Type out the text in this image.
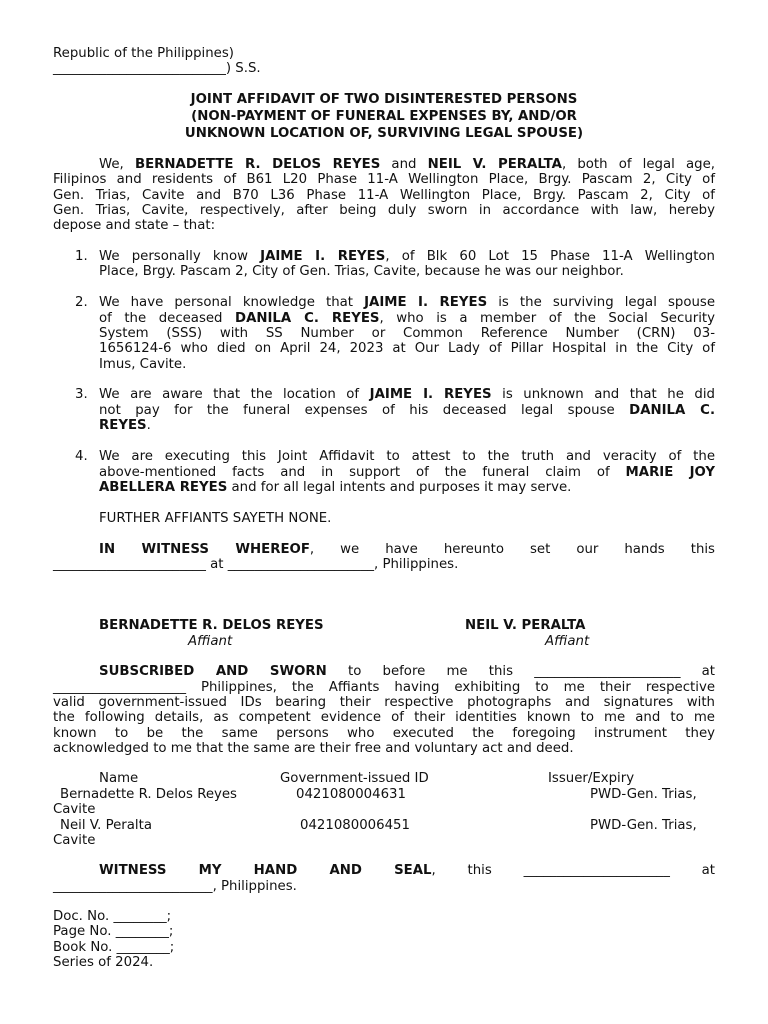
Republic of the Philippines)
__________________________) S.S.
JOINT AFFIDAVIT OF TWO DISINTERESTED PERSONS
(NON-PAYMENT OF FUNERAL EXPENSES BY, AND/OR
UNKNOWN LOCATION OF, SURVIVING LEGAL SPOUSE)
We, BERNADETTE R. DELOS REYES and NEIL V. PERALTA, both of legal age,
Filipinos and residents of B61 L20 Phase 11-A Wellington Place, Brgy. Pascam 2, City of
Gen. Trias, Cavite and B70 L36 Phase 11-A Wellington Place, Brgy. Pascam 2, City of
Gen. Trias, Cavite, respectively, after being duly sworn in accordance with law, hereby
depose and state – that:
1. We personally know JAIME I. REYES, of Blk 60 Lot 15 Phase 11-A Wellington
Place, Brgy. Pascam 2, City of Gen. Trias, Cavite, because he was our neighbor.
2. We have personal knowledge that JAIME I. REYES is the surviving legal spouse
of the deceased DANILA C. REYES, who is a member of the Social Security
System (SSS) with SS Number or Common Reference Number (CRN) 03-
1656124-6 who died on April 24, 2023 at Our Lady of Pillar Hospital in the City of
Imus, Cavite.
3. We are aware that the location of JAIME I. REYES is unknown and that he did
not pay for the funeral expenses of his deceased legal spouse DANILA C.
REYES.
4. We are executing this Joint Affidavit to attest to the truth and veracity of the
above-mentioned facts and in support of the funeral claim of MARIE JOY
ABELLERA REYES and for all legal intents and purposes it may serve.
FURTHER AFFIANTS SAYETH NONE.
IN WITNESS WHEREOF, we have hereunto set our hands this
_______________________ at ______________________, Philippines.
BERNADETTE R. DELOS REYES
Affiant
NEIL V. PERALTA
Affiant
SUBSCRIBED AND SWORN to before me this ______________________ at
____________________ Philippines, the Affiants having exhibiting to me their respective
valid government-issued IDs bearing their respective photographs and signatures with
the following details, as competent evidence of their identities known to me and to me
known to be the same persons who executed the foregoing instrument they
acknowledged to me that the same are their free and voluntary act and deed.
Name	Government-issued ID	Issuer/Expiry
Bernadette R. Delos Reyes	0421080004631	PWD-Gen. Trias,
Cavite
Neil V. Peralta	0421080006451	PWD-Gen. Trias,
Cavite
WITNESS MY HAND AND SEAL, this ______________________ at
________________________, Philippines.
Doc. No. ________;
Page No. ________;
Book No. ________;
Series of 2024.
